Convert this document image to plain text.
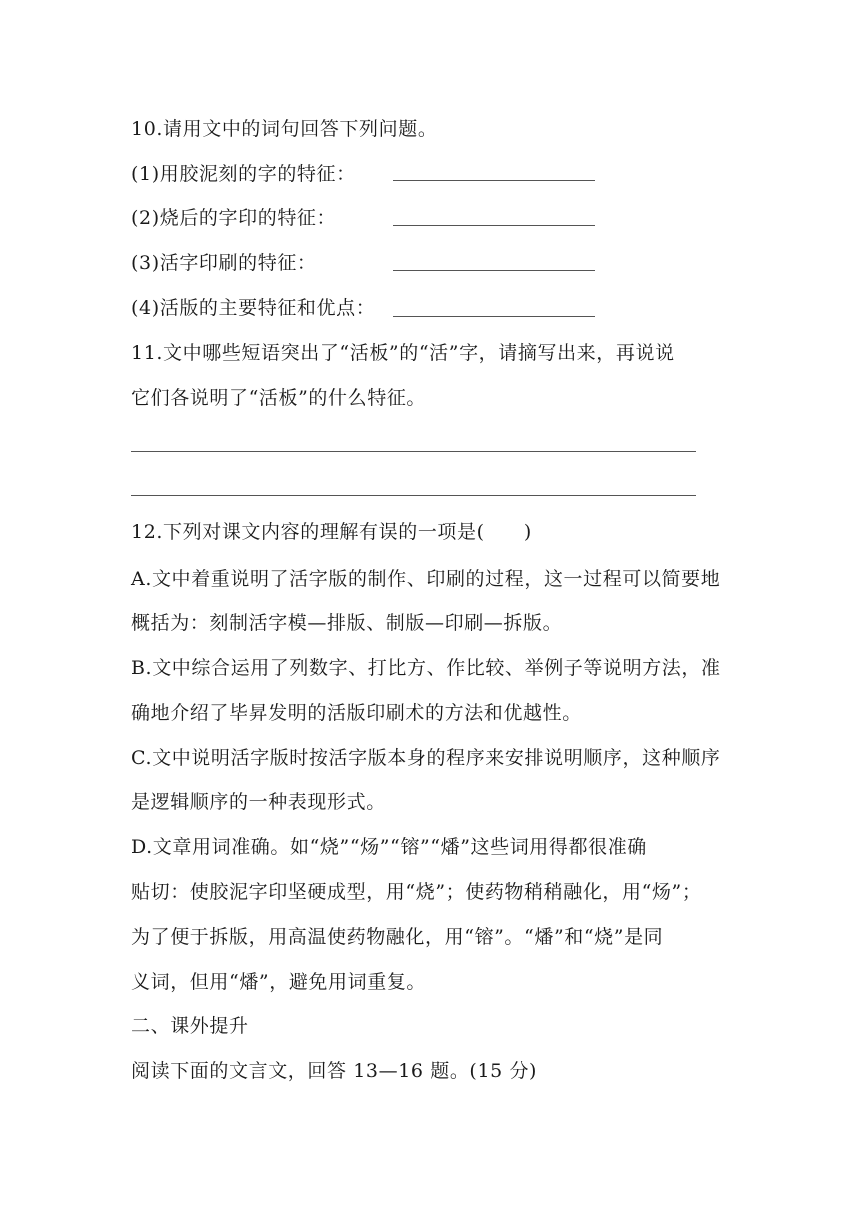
10.请用文中的词句回答下列问题。
(1)用胶泥刻的字的特征：
(2)烧后的字印的特征：
(3)活字印刷的特征：
(4)活版的主要特征和优点：
11.文中哪些短语突出了“活板”的“活”字，请摘写出来，再说说
它们各说明了“活板”的什么特征。
12.下列对课文内容的理解有误的一项是(　　)
A.文中着重说明了活字版的制作、印刷的过程，这一过程可以简要地
概括为：刻制活字模—排版、制版—印刷—拆版。
B.文中综合运用了列数字、打比方、作比较、举例子等说明方法，准
确地介绍了毕昇发明的活版印刷术的方法和优越性。
C.文中说明活字版时按活字版本身的程序来安排说明顺序，这种顺序
是逻辑顺序的一种表现形式。
D.文章用词准确。如“烧”“炀”“镕”“燔”这些词用得都很准确
贴切：使胶泥字印坚硬成型，用“烧”；使药物稍稍融化，用“炀”；
为了便于拆版，用高温使药物融化，用“镕”。“燔”和“烧”是同
义词，但用“燔”，避免用词重复。
二、课外提升
阅读下面的文言文，回答 13—16 题。(15 分)
